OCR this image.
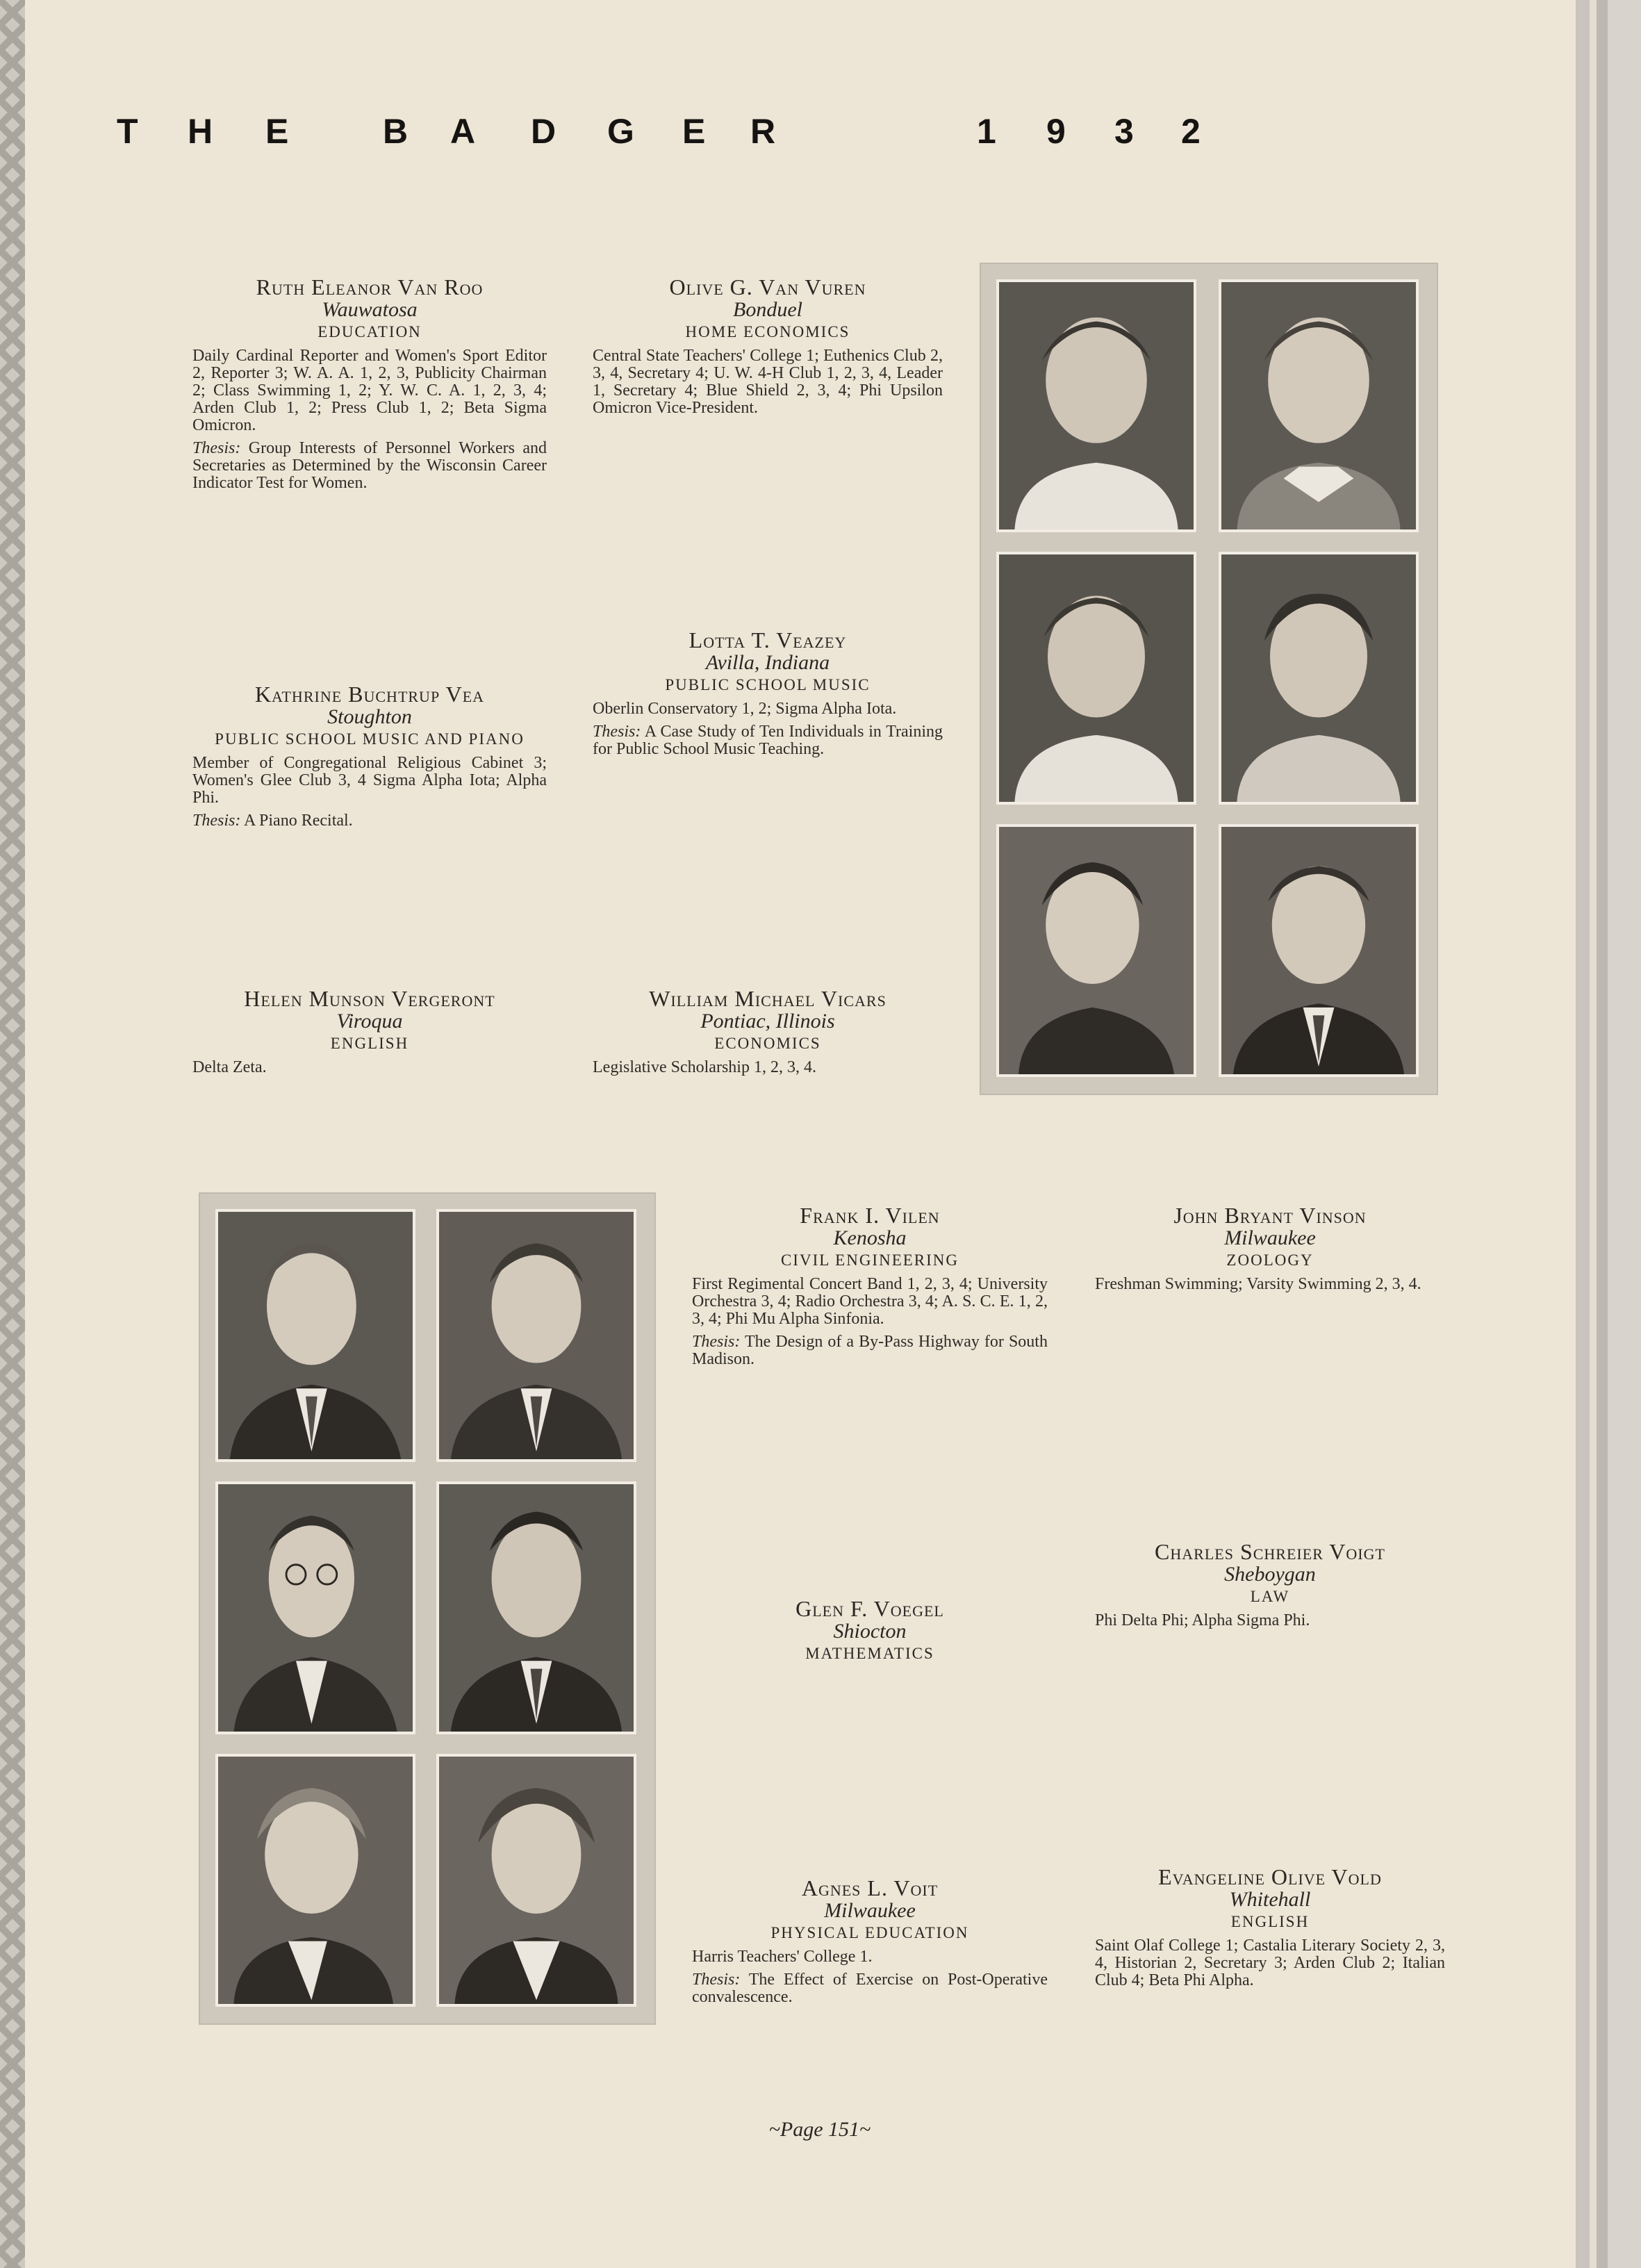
T H E	B A D G E R	1 9 3 2
Ruth Eleanor Van Roo
Wauwatosa
EDUCATION
Daily Cardinal Reporter and Women's Sport Editor 2, Reporter 3; W. A. A. 1, 2, 3, Publicity Chairman 2; Class Swimming 1, 2; Y. W. C. A. 1, 2, 3, 4; Arden Club 1, 2; Press Club 1, 2; Beta Sigma Omicron.
Thesis: Group Interests of Personnel Workers and Secretaries as Determined by the Wisconsin Career Indicator Test for Women.
Olive G. Van Vuren
Bonduel
HOME ECONOMICS
Central State Teachers' College 1; Euthenics Club 2, 3, 4, Secretary 4; U. W. 4-H Club 1, 2, 3, 4, Leader 1, Secretary 4; Blue Shield 2, 3, 4; Phi Upsilon Omicron Vice-President.
Kathrine Buchtrup Vea
Stoughton
PUBLIC SCHOOL MUSIC AND PIANO
Member of Congregational Religious Cabinet 3; Women's Glee Club 3, 4 Sigma Alpha Iota; Alpha Phi.
Thesis: A Piano Recital.
Lotta T. Veazey
Avilla, Indiana
PUBLIC SCHOOL MUSIC
Oberlin Conservatory 1, 2; Sigma Alpha Iota.
Thesis: A Case Study of Ten Individuals in Training for Public School Music Teaching.
Helen Munson Vergeront
Viroqua
ENGLISH
Delta Zeta.
William Michael Vicars
Pontiac, Illinois
ECONOMICS
Legislative Scholarship 1, 2, 3, 4.
Frank I. Vilen
Kenosha
CIVIL ENGINEERING
First Regimental Concert Band 1, 2, 3, 4; University Orchestra 3, 4; Radio Orchestra 3, 4; A. S. C. E. 1, 2, 3, 4; Phi Mu Alpha Sinfonia.
Thesis: The Design of a By-Pass Highway for South Madison.
John Bryant Vinson
Milwaukee
ZOOLOGY
Freshman Swimming; Varsity Swimming 2, 3, 4.
Glen F. Voegel
Shiocton
MATHEMATICS
Charles Schreier Voigt
Sheboygan
LAW
Phi Delta Phi; Alpha Sigma Phi.
Agnes L. Voit
Milwaukee
PHYSICAL EDUCATION
Harris Teachers' College 1.
Thesis: The Effect of Exercise on Post-Operative convalescence.
Evangeline Olive Vold
Whitehall
ENGLISH
Saint Olaf College 1; Castalia Literary Society 2, 3, 4, Historian 2, Secretary 3; Arden Club 2; Italian Club 4; Beta Phi Alpha.
~Page 151~
